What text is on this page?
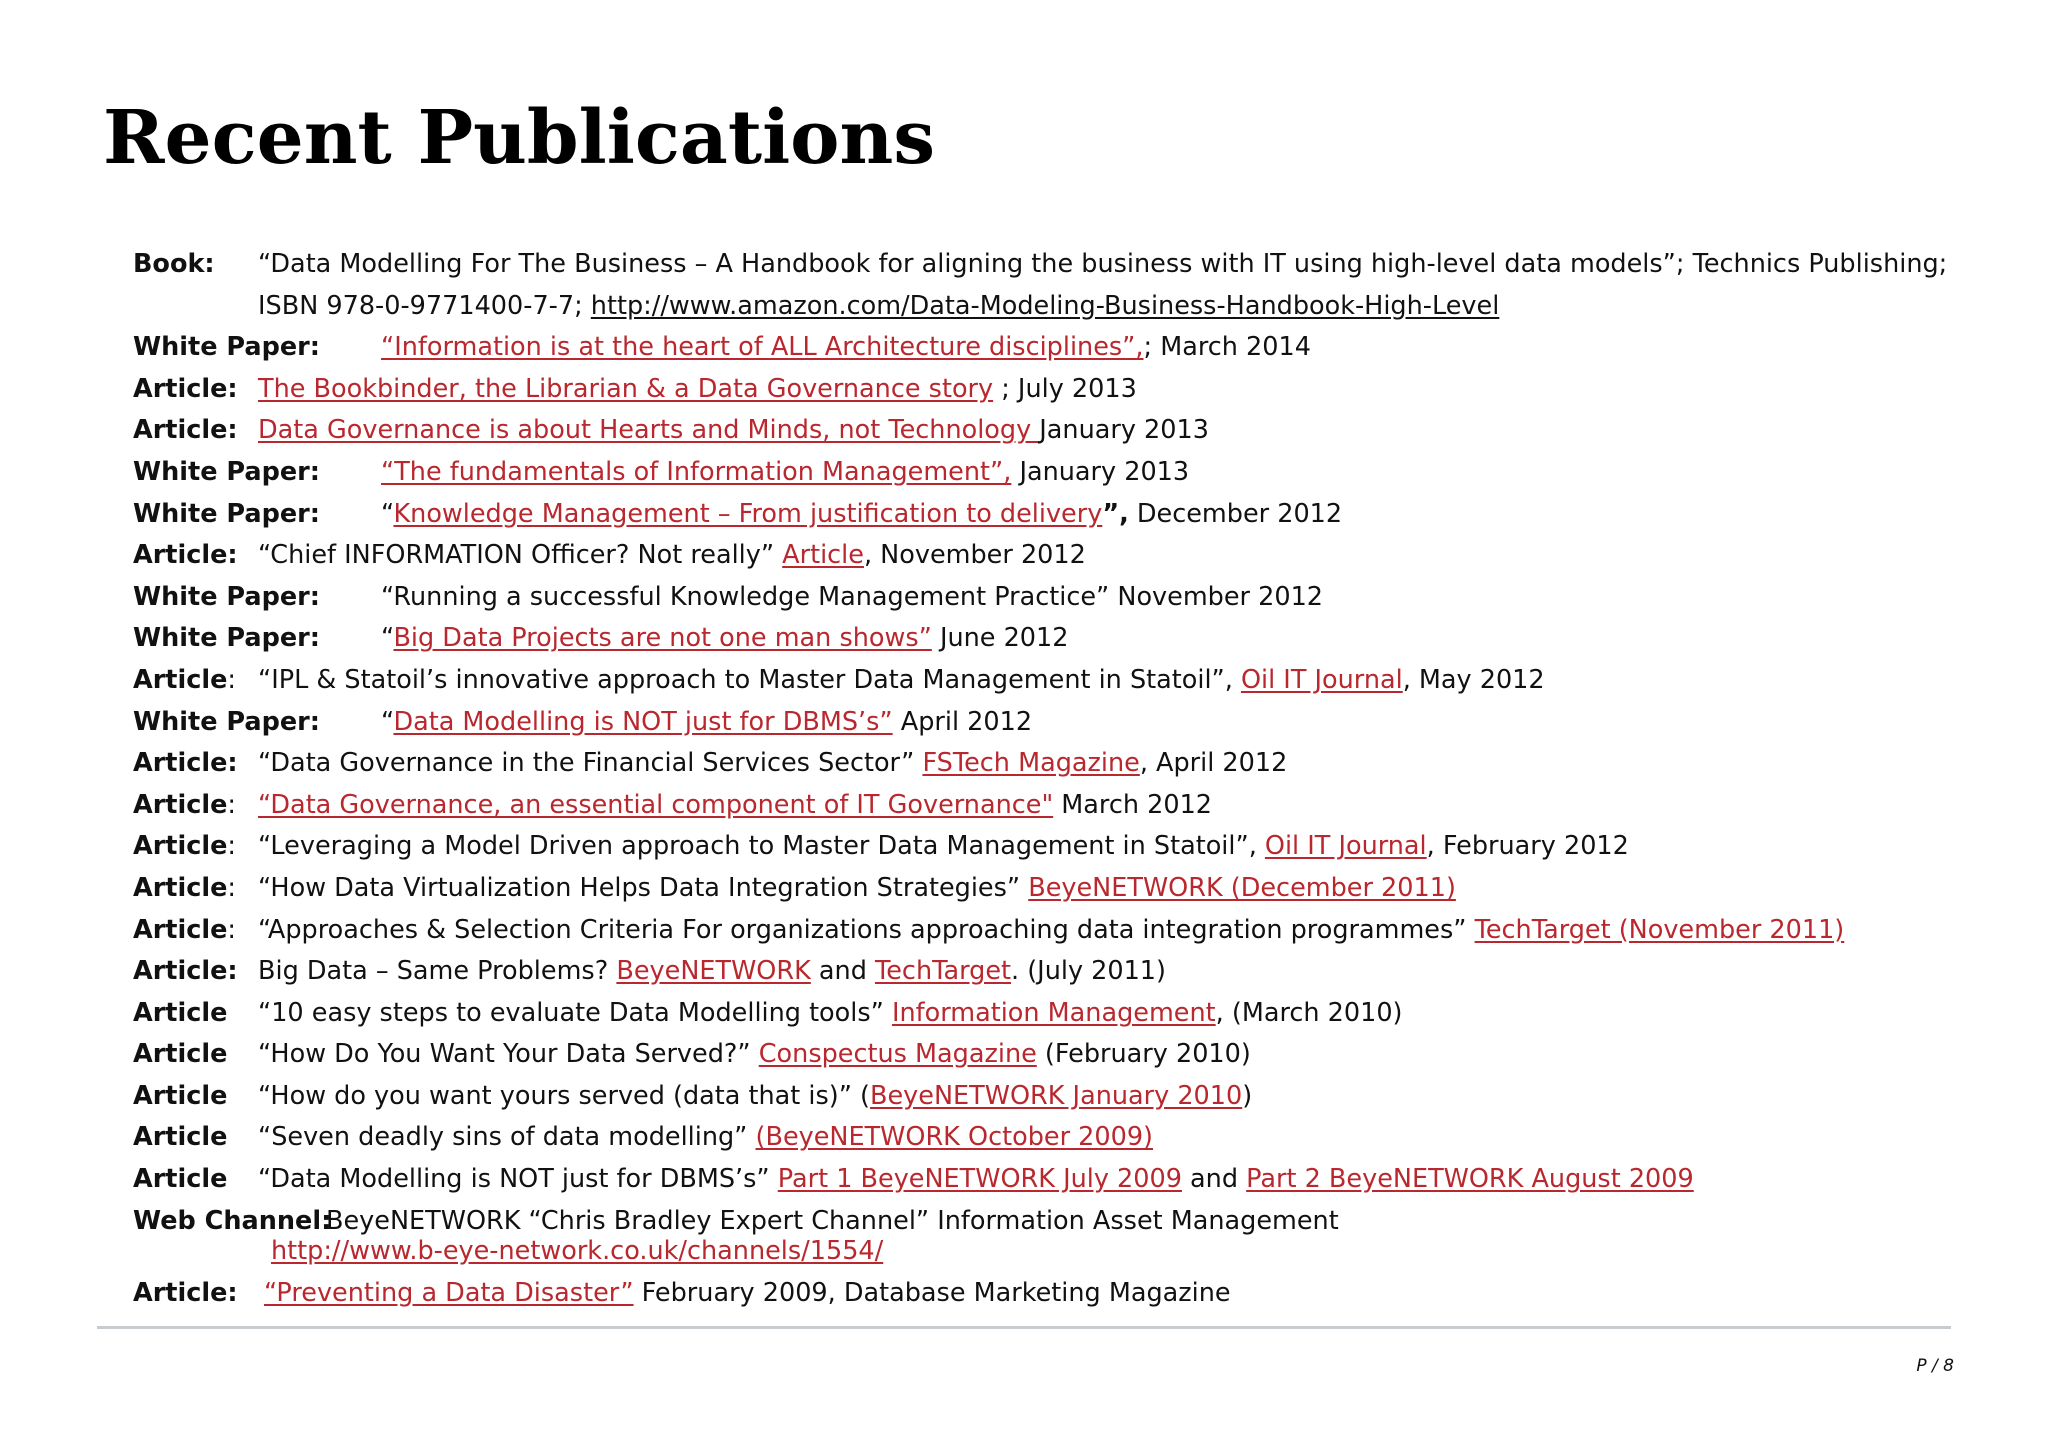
Recent Publications
Book: “Data Modelling For The Business – A Handbook for aligning the business with IT using high-level data models”; Technics Publishing;
ISBN 978-0-9771400-7-7; http://www.amazon.com/Data-Modeling-Business-Handbook-High-Level
White Paper: “Information is at the heart of ALL Architecture disciplines”,; March 2014
Article: The Bookbinder, the Librarian & a Data Governance story ; July 2013
Article: Data Governance is about Hearts and Minds, not Technology January 2013
White Paper: “The fundamentals of Information Management”, January 2013
White Paper: “Knowledge Management – From justification to delivery”, December 2012
Article: “Chief INFORMATION Officer? Not really” Article, November 2012
White Paper: “Running a successful Knowledge Management Practice” November 2012
White Paper: “Big Data Projects are not one man shows” June 2012
Article: “IPL & Statoil’s innovative approach to Master Data Management in Statoil”, Oil IT Journal, May 2012
White Paper: “Data Modelling is NOT just for DBMS’s” April 2012
Article: “Data Governance in the Financial Services Sector” FSTech Magazine, April 2012
Article: “Data Governance, an essential component of IT Governance" March 2012
Article: “Leveraging a Model Driven approach to Master Data Management in Statoil”, Oil IT Journal, February 2012
Article: “How Data Virtualization Helps Data Integration Strategies” BeyeNETWORK (December 2011)
Article: “Approaches & Selection Criteria For organizations approaching data integration programmes” TechTarget (November 2011)
Article: Big Data – Same Problems? BeyeNETWORK and TechTarget. (July 2011)
Article “10 easy steps to evaluate Data Modelling tools” Information Management, (March 2010)
Article “How Do You Want Your Data Served?” Conspectus Magazine (February 2010)
Article “How do you want yours served (data that is)” (BeyeNETWORK January 2010)
Article “Seven deadly sins of data modelling” (BeyeNETWORK October 2009)
Article “Data Modelling is NOT just for DBMS’s” Part 1 BeyeNETWORK July 2009 and Part 2 BeyeNETWORK August 2009
Web Channel:
BeyeNETWORK “Chris Bradley Expert Channel” Information Asset Management
http://www.b-eye-network.co.uk/channels/1554/
Article: “Preventing a Data Disaster” February 2009, Database Marketing Magazine
P / 8
